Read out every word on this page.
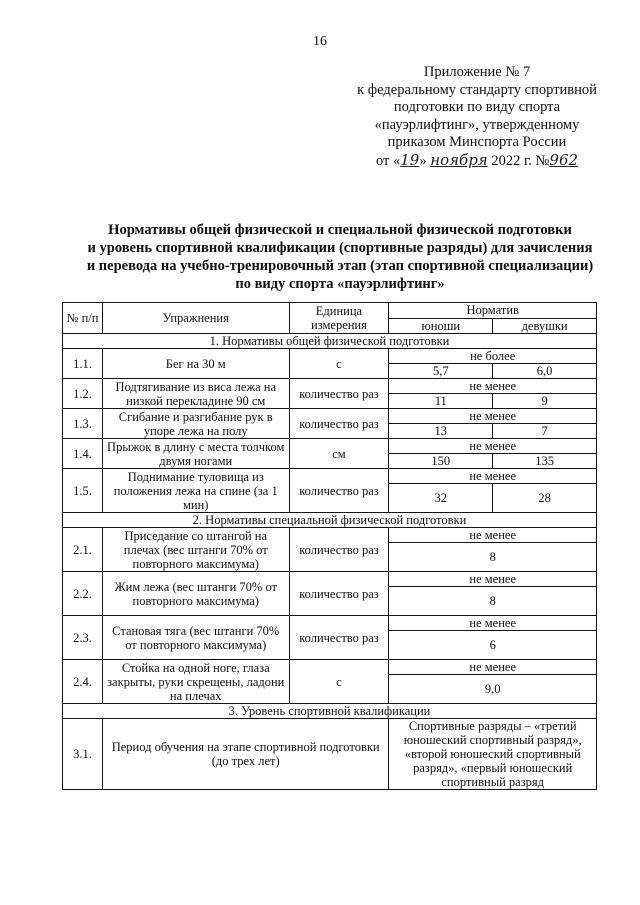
16
Приложение № 7
к федеральному стандарту спортивной
подготовки по виду спорта
«пауэрлифтинг», утвержденному
приказом Минспорта России
от «19» ноября 2022 г. №962
Нормативы общей физической и специальной физической подготовки
и уровень спортивной квалификации (спортивные разряды) для зачисления
и перевода на учебно-тренировочный этап (этап спортивной специализации)
по виду спорта «пауэрлифтинг»
№ п/п	Упражнения	Единица измерения	Норматив	
			юноши	девушки
1. Нормативы общей физической подготовки				
1.1.	Бег на 30 м	с	не более	
			5,7	6,0
1.2.	Подтягивание из виса лежа на низкой перекладине 90 см	количество раз	не менее	
			11	9
1.3.	Сгибание и разгибание рук в упоре лежа на полу	количество раз	не менее	
			13	7
1.4.	Прыжок в длину с места толчком двумя ногами	см	не менее	
			150	135
1.5.	Поднимание туловища из положения лежа на спине (за 1 мин)	количество раз	не менее	
			32	28
2. Нормативы специальной физической подготовки				
2.1.	Приседание со штангой на плечах (вес штанги 70% от повторного максимума)	количество раз	не менее	
			8	
2.2.	Жим лежа (вес штанги 70% от повторного максимума)	количество раз	не менее	
			8	
2.3.	Становая тяга (вес штанги 70% от повторного максимума)	количество раз	не менее	
			6	
2.4.	Стойка на одной ноге, глаза закрыты, руки скрещены, ладони на плечах	с	не менее	
			9,0	
3. Уровень спортивной квалификации				
3.1.	Период обучения на этапе спортивной подготовки (до трех лет)		Спортивные разряды – «третий юношеский спортивный разряд», «второй юношеский спортивный разряд», «первый юношеский спортивный разряд	
